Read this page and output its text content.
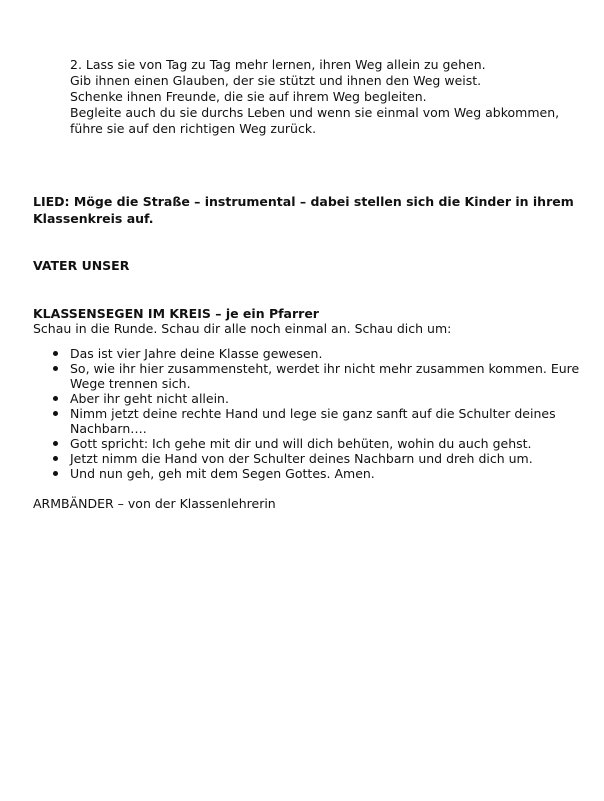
2. Lass sie von Tag zu Tag mehr lernen, ihren Weg allein zu gehen.
Gib ihnen einen Glauben, der sie stützt und ihnen den Weg weist.
Schenke ihnen Freunde, die sie auf ihrem Weg begleiten.
Begleite auch du sie durchs Leben und wenn sie einmal vom Weg abkommen,
führe sie auf den richtigen Weg zurück.
LIED: Möge die Straße – instrumental – dabei stellen sich die Kinder in ihrem Klassenkreis auf.
VATER UNSER
KLASSENSEGEN IM KREIS – je ein Pfarrer
Schau in die Runde. Schau dir alle noch einmal an. Schau dich um:
Das ist vier Jahre deine Klasse gewesen.
So, wie ihr hier zusammensteht, werdet ihr nicht mehr zusammen kommen. Eure Wege trennen sich.
Aber ihr geht nicht allein.
Nimm jetzt deine rechte Hand und lege sie ganz sanft auf die Schulter deines Nachbarn….
Gott spricht: Ich gehe mit dir und will dich behüten, wohin du auch gehst.
Jetzt nimm die Hand von der Schulter deines Nachbarn und dreh dich um.
Und nun geh, geh mit dem Segen Gottes. Amen.
ARMBÄNDER – von der Klassenlehrerin
